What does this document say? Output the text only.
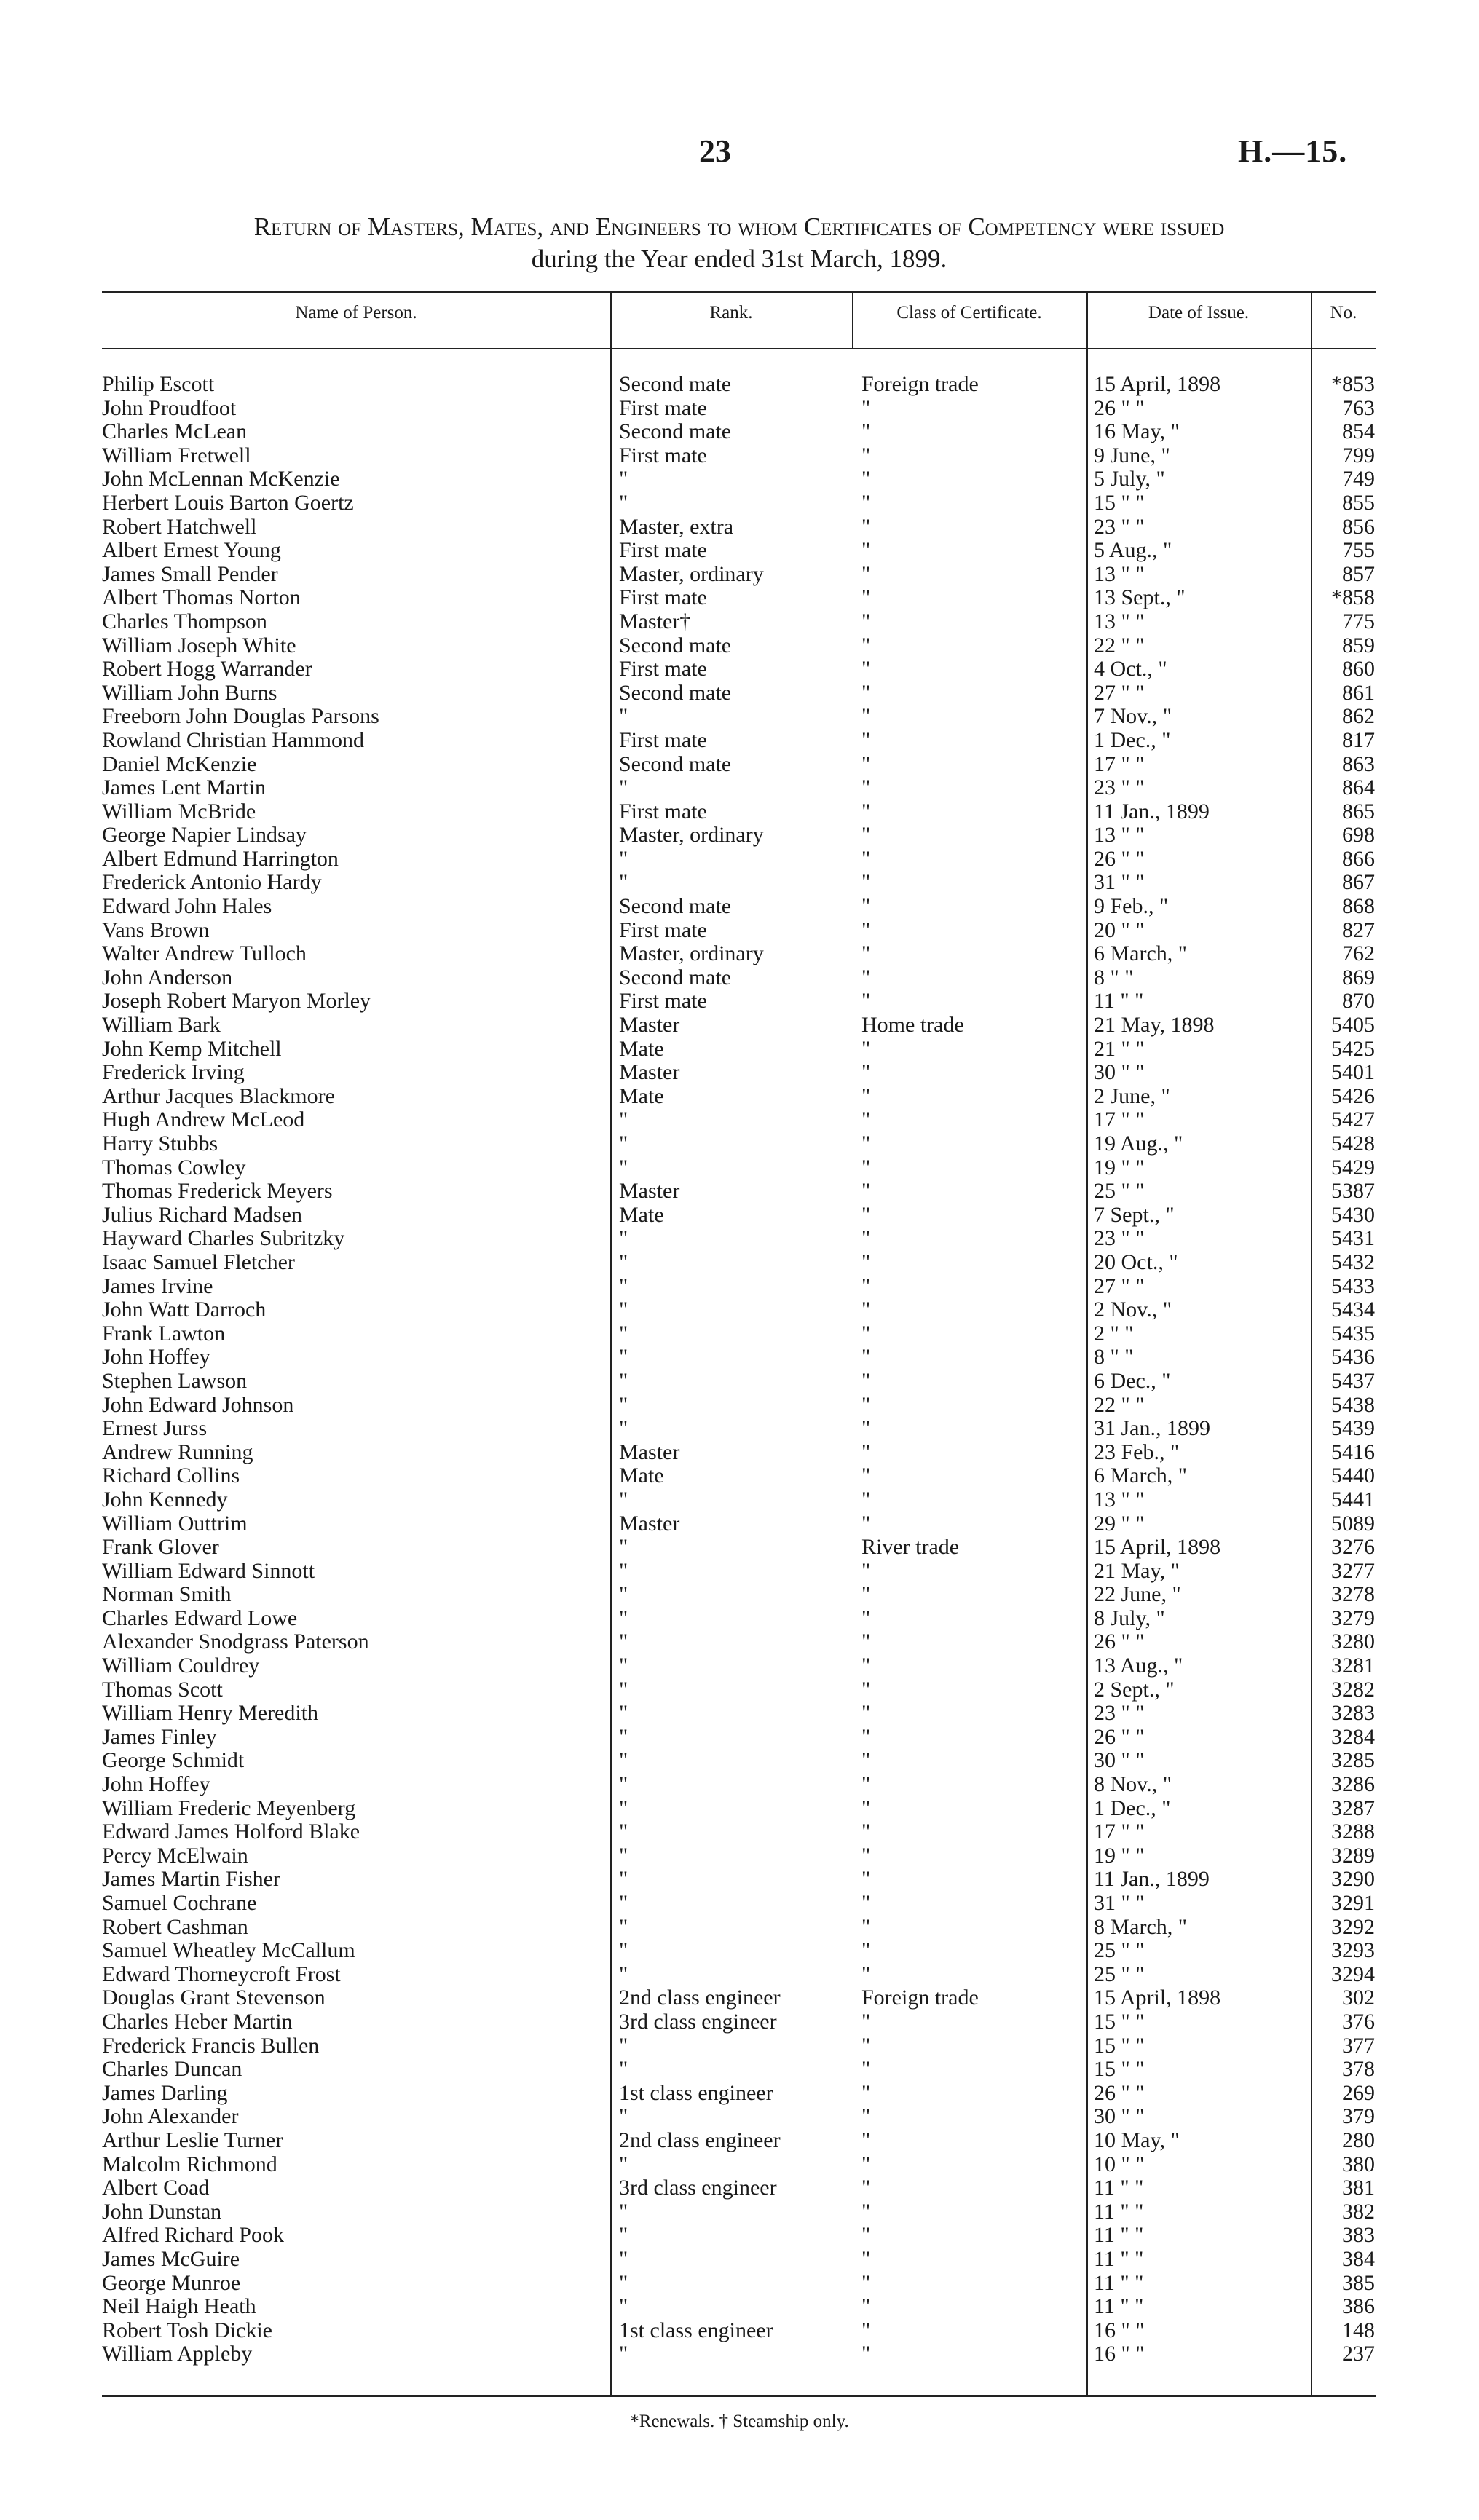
23	H.—15.
Return of Masters, Mates, and Engineers to whom Certificates of Competency were issued
during the Year ended 31st March, 1899.
Name of Person.	Rank.	Class of Certificate.	Date of Issue.	No.
Philip Escott	Second mate	Foreign trade	15 April, 1898	*853
John Proudfoot	First mate	"	26 " "	763
Charles McLean	Second mate	"	16 May, "	854
William Fretwell	First mate	"	9 June, "	799
John McLennan McKenzie	"	"	5 July, "	749
Herbert Louis Barton Goertz	"	"	15 " "	855
Robert Hatchwell	Master, extra	"	23 " "	856
Albert Ernest Young	First mate	"	5 Aug., "	755
James Small Pender	Master, ordinary	"	13 " "	857
Albert Thomas Norton	First mate	"	13 Sept., "	*858
Charles Thompson	Master†	"	13 " "	775
William Joseph White	Second mate	"	22 " "	859
Robert Hogg Warrander	First mate	"	4 Oct., "	860
William John Burns	Second mate	"	27 " "	861
Freeborn John Douglas Parsons	"	"	7 Nov., "	862
Rowland Christian Hammond	First mate	"	1 Dec., "	817
Daniel McKenzie	Second mate	"	17 " "	863
James Lent Martin	"	"	23 " "	864
William McBride	First mate	"	11 Jan., 1899	865
George Napier Lindsay	Master, ordinary	"	13 " "	698
Albert Edmund Harrington	"	"	26 " "	866
Frederick Antonio Hardy	"	"	31 " "	867
Edward John Hales	Second mate	"	9 Feb., "	868
Vans Brown	First mate	"	20 " "	827
Walter Andrew Tulloch	Master, ordinary	"	6 March, "	762
John Anderson	Second mate	"	8 " "	869
Joseph Robert Maryon Morley	First mate	"	11 " "	870
William Bark	Master	Home trade	21 May, 1898	5405
John Kemp Mitchell	Mate	"	21 " "	5425
Frederick Irving	Master	"	30 " "	5401
Arthur Jacques Blackmore	Mate	"	2 June, "	5426
Hugh Andrew McLeod	"	"	17 " "	5427
Harry Stubbs	"	"	19 Aug., "	5428
Thomas Cowley	"	"	19 " "	5429
Thomas Frederick Meyers	Master	"	25 " "	5387
Julius Richard Madsen	Mate	"	7 Sept., "	5430
Hayward Charles Subritzky	"	"	23 " "	5431
Isaac Samuel Fletcher	"	"	20 Oct., "	5432
James Irvine	"	"	27 " "	5433
John Watt Darroch	"	"	2 Nov., "	5434
Frank Lawton	"	"	2 " "	5435
John Hoffey	"	"	8 " "	5436
Stephen Lawson	"	"	6 Dec., "	5437
John Edward Johnson	"	"	22 " "	5438
Ernest Jurss	"	"	31 Jan., 1899	5439
Andrew Running	Master	"	23 Feb., "	5416
Richard Collins	Mate	"	6 March, "	5440
John Kennedy	"	"	13 " "	5441
William Outtrim	Master	"	29 " "	5089
Frank Glover	"	River trade	15 April, 1898	3276
William Edward Sinnott	"	"	21 May, "	3277
Norman Smith	"	"	22 June, "	3278
Charles Edward Lowe	"	"	8 July, "	3279
Alexander Snodgrass Paterson	"	"	26 " "	3280
William Couldrey	"	"	13 Aug., "	3281
Thomas Scott	"	"	2 Sept., "	3282
William Henry Meredith	"	"	23 " "	3283
James Finley	"	"	26 " "	3284
George Schmidt	"	"	30 " "	3285
John Hoffey	"	"	8 Nov., "	3286
William Frederic Meyenberg	"	"	1 Dec., "	3287
Edward James Holford Blake	"	"	17 " "	3288
Percy McElwain	"	"	19 " "	3289
James Martin Fisher	"	"	11 Jan., 1899	3290
Samuel Cochrane	"	"	31 " "	3291
Robert Cashman	"	"	8 March, "	3292
Samuel Wheatley McCallum	"	"	25 " "	3293
Edward Thorneycroft Frost	"	"	25 " "	3294
Douglas Grant Stevenson	2nd class engineer	Foreign trade	15 April, 1898	302
Charles Heber Martin	3rd class engineer	"	15 " "	376
Frederick Francis Bullen	"	"	15 " "	377
Charles Duncan	"	"	15 " "	378
James Darling	1st class engineer	"	26 " "	269
John Alexander	"	"	30 " "	379
Arthur Leslie Turner	2nd class engineer	"	10 May, "	280
Malcolm Richmond	"	"	10 " "	380
Albert Coad	3rd class engineer	"	11 " "	381
John Dunstan	"	"	11 " "	382
Alfred Richard Pook	"	"	11 " "	383
James McGuire	"	"	11 " "	384
George Munroe	"	"	11 " "	385
Neil Haigh Heath	"	"	11 " "	386
Robert Tosh Dickie	1st class engineer	"	16 " "	148
William Appleby	"	"	16 " "	237
*Renewals. † Steamship only.
